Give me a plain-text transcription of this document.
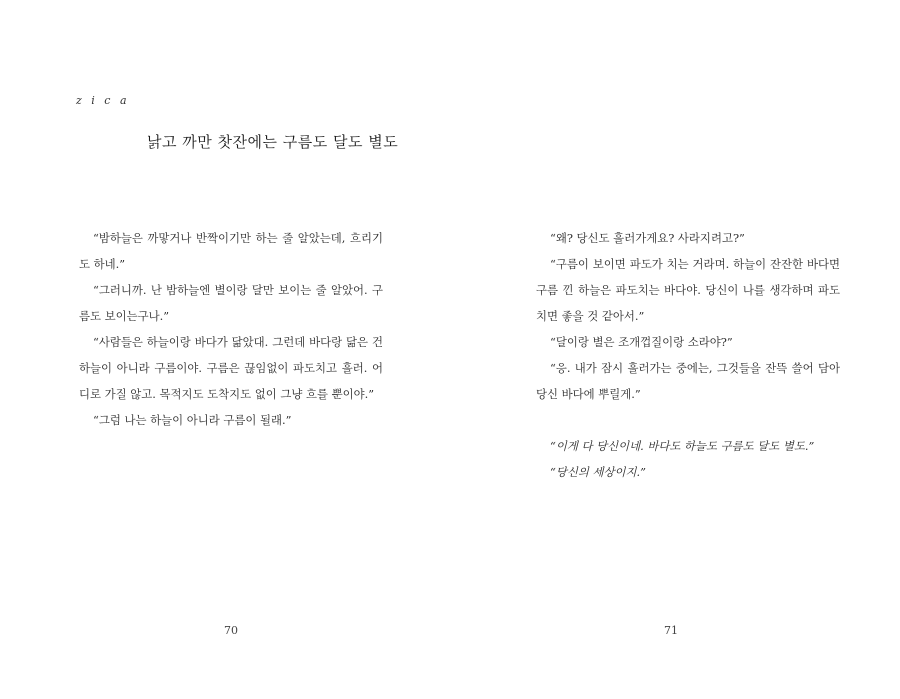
z i c a
낡고 까만 찻잔에는 구름도 달도 별도

“밤하늘은 까맣거나 반짝이기만 하는 줄 알았는데, 흐리기도 하네.”

“그러니까. 난 밤하늘엔 별이랑 달만 보이는 줄 알았어. 구름도 보이는구나.”

“사람들은 하늘이랑 바다가 닮았대. 그런데 바다랑 닮은 건 하늘이 아니라 구름이야. 구름은 끊임없이 파도치고 흘러. 어디로 가질 않고. 목적지도 도착지도 없이 그냥 흐를 뿐이야.”

“그럼 나는 하늘이 아니라 구름이 될래.”

70

“왜? 당신도 흘러가게요? 사라지려고?”

“구름이 보이면 파도가 치는 거라며. 하늘이 잔잔한 바다면 구름 낀 하늘은 파도치는 바다야. 당신이 나를 생각하며 파도치면 좋을 것 같아서.”

“달이랑 별은 조개껍질이랑 소라야?”

“응. 내가 잠시 흘러가는 중에는, 그것들을 잔뜩 쓸어 담아 당신 바다에 뿌릴게.”

“이게 다 당신이네. 바다도 하늘도 구름도 달도 별도.”

“당신의 세상이지.”

71
